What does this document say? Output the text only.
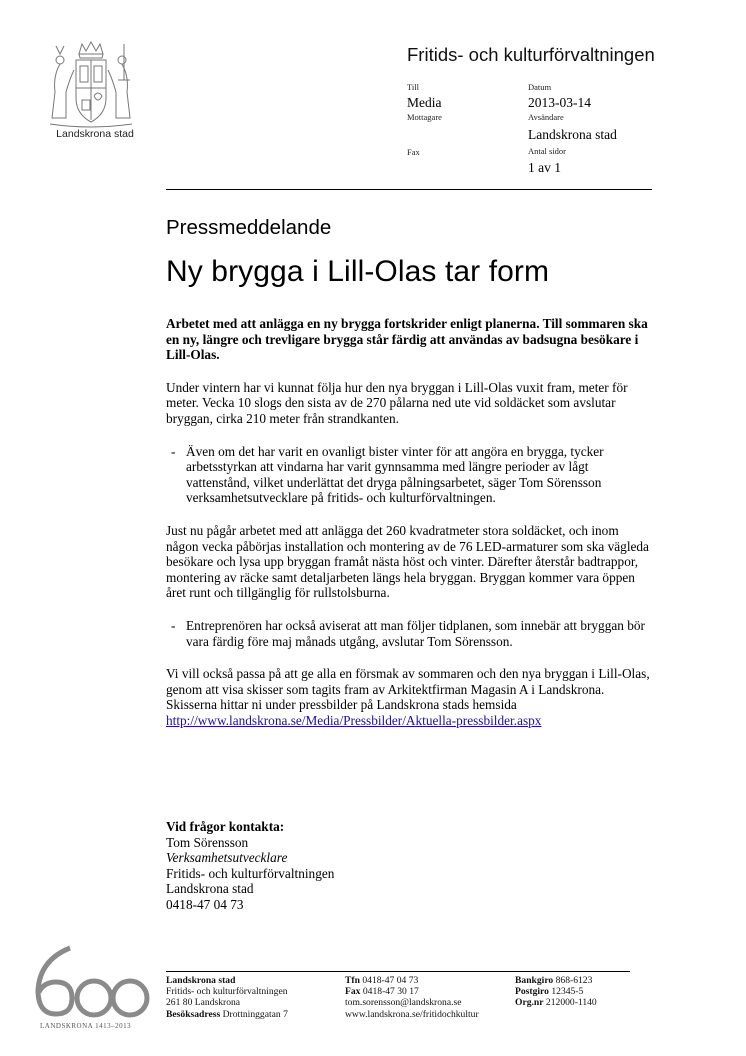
Landskrona stad
Fritids- och kulturförvaltningen
Till
Media
Mottagare
Fax
Datum
2013-03-14
Avsändare
Landskrona stad
Antal sidor
1 av 1
Pressmeddelande
Ny brygga i Lill-Olas tar form

Arbetet med att anlägga en ny brygga fortskrider enligt planerna. Till sommaren ska en ny, längre och trevligare brygga står färdig att användas av badsugna besökare i Lill-Olas.

Under vintern har vi kunnat följa hur den nya bryggan i Lill-Olas vuxit fram, meter för meter. Vecka 10 slogs den sista av de 270 pålarna ned ute vid soldäcket som avslutar bryggan, cirka 210 meter från strandkanten.

- Även om det har varit en ovanligt bister vinter för att angöra en brygga, tycker arbetsstyrkan att vindarna har varit gynnsamma med längre perioder av lågt vattenstånd, vilket underlättat det dryga pålningsarbetet, säger Tom Sörensson verksamhetsutvecklare på fritids- och kulturförvaltningen.

Just nu pågår arbetet med att anlägga det 260 kvadratmeter stora soldäcket, och inom någon vecka påbörjas installation och montering av de 76 LED-armaturer som ska vägleda besökare och lysa upp bryggan framåt nästa höst och vinter. Därefter återstår badtrappor, montering av räcke samt detaljarbeten längs hela bryggan. Bryggan kommer vara öppen året runt och tillgänglig för rullstolsburna.

- Entreprenören har också aviserat att man följer tidplanen, som innebär att bryggan bör vara färdig före maj månads utgång, avslutar Tom Sörensson.

Vi vill också passa på att ge alla en försmak av sommaren och den nya bryggan i Lill-Olas, genom att visa skisser som tagits fram av Arkitektfirman Magasin A i Landskrona. Skisserna hittar ni under pressbilder på Landskrona stads hemsida http://www.landskrona.se/Media/Pressbilder/Aktuella-pressbilder.aspx

Vid frågor kontakta:
Tom Sörensson
Verksamhetsutvecklare
Fritids- och kulturförvaltningen
Landskrona stad
0418-47 04 73
LANDSKRONA 1413–2013
Landskrona stad
Fritids- och kulturförvaltningen
261 80 Landskrona
Besöksadress Drottninggatan 7
Tfn 0418-47 04 73
Fax 0418-47 30 17
tom.sorensson@landskrona.se
www.landskrona.se/fritidochkultur
Bankgiro 868-6123
Postgiro 12345-5
Org.nr 212000-1140
